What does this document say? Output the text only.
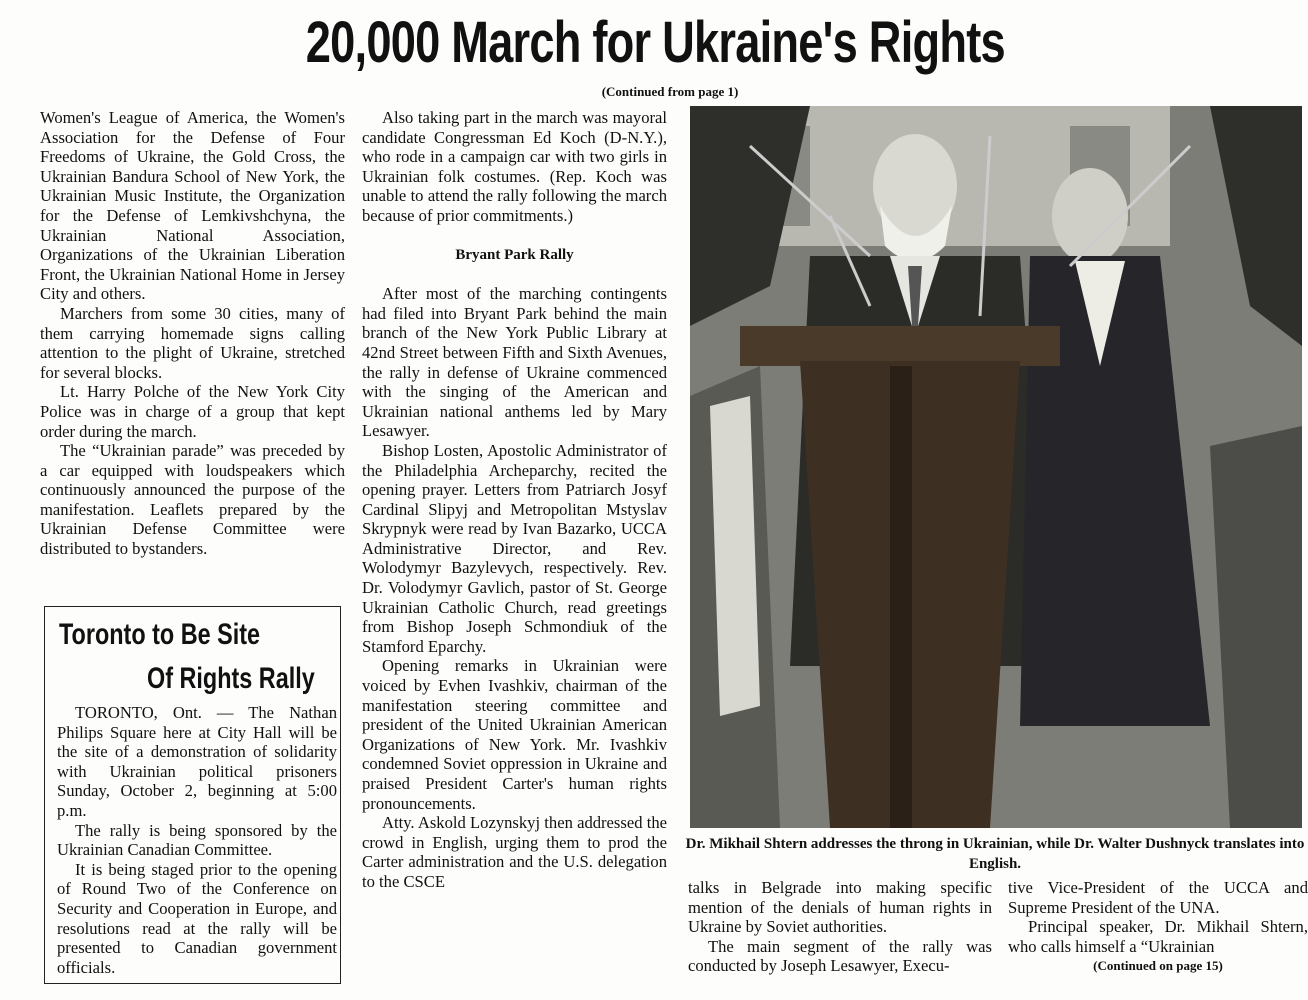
20,000 March for Ukraine's Rights
(Continued from page 1)

Women's League of America, the Women's Association for the Defense of Four Freedoms of Ukraine, the Gold Cross, the Ukrainian Bandura School of New York, the Ukrainian Music Institute, the Organization for the Defense of Lemkivshchyna, the Ukrainian National Association, Organizations of the Ukrainian Liberation Front, the Ukrainian National Home in Jersey City and others.

Marchers from some 30 cities, many of them carrying homemade signs calling attention to the plight of Ukraine, stretched for several blocks.

Lt. Harry Polche of the New York City Police was in charge of a group that kept order during the march.

The “Ukrainian parade” was preceded by a car equipped with loudspeakers which continuously announced the purpose of the manifestation. Leaflets prepared by the Ukrainian Defense Committee were distributed to bystanders.

Toronto to Be Site
Of Rights Rally

TORONTO, Ont. — The Nathan Philips Square here at City Hall will be the site of a demonstration of solidarity with Ukrainian political prisoners Sunday, October 2, beginning at 5:00 p.m.

The rally is being sponsored by the Ukrainian Canadian Committee.

It is being staged prior to the opening of Round Two of the Conference on Security and Cooperation in Europe, and resolutions read at the rally will be presented to Canadian government officials.

Also taking part in the march was mayoral candidate Congressman Ed Koch (D-N.Y.), who rode in a campaign car with two girls in Ukrainian folk costumes. (Rep. Koch was unable to attend the rally following the march because of prior commitments.)

Bryant Park Rally

After most of the marching contingents had filed into Bryant Park behind the main branch of the New York Public Library at 42nd Street between Fifth and Sixth Avenues, the rally in defense of Ukraine commenced with the singing of the American and Ukrainian national anthems led by Mary Lesawyer.

Bishop Losten, Apostolic Administrator of the Philadelphia Archeparchy, recited the opening prayer. Letters from Patriarch Josyf Cardinal Slipyj and Metropolitan Mstyslav Skrypnyk were read by Ivan Bazarko, UCCA Administrative Director, and Rev. Wolodymyr Bazylevych, respectively. Rev. Dr. Volodymyr Gavlich, pastor of St. George Ukrainian Catholic Church, read greetings from Bishop Joseph Schmondiuk of the Stamford Eparchy.

Opening remarks in Ukrainian were voiced by Evhen Ivashkiv, chairman of the manifestation steering committee and president of the United Ukrainian American Organizations of New York. Mr. Ivashkiv condemned Soviet oppression in Ukraine and praised President Carter's human rights pronouncements.

Atty. Askold Lozynskyj then addressed the crowd in English, urging them to prod the Carter administration and the U.S. delegation to the CSCE

Dr. Mikhail Shtern addresses the throng in Ukrainian, while Dr. Walter Dushnyck translates into English.

talks in Belgrade into making specific mention of the denials of human rights in Ukraine by Soviet authorities.

The main segment of the rally was conducted by Joseph Lesawyer, Execu-

tive Vice-President of the UCCA and Supreme President of the UNA.

Principal speaker, Dr. Mikhail Shtern, who calls himself a “Ukrainian

(Continued on page 15)
